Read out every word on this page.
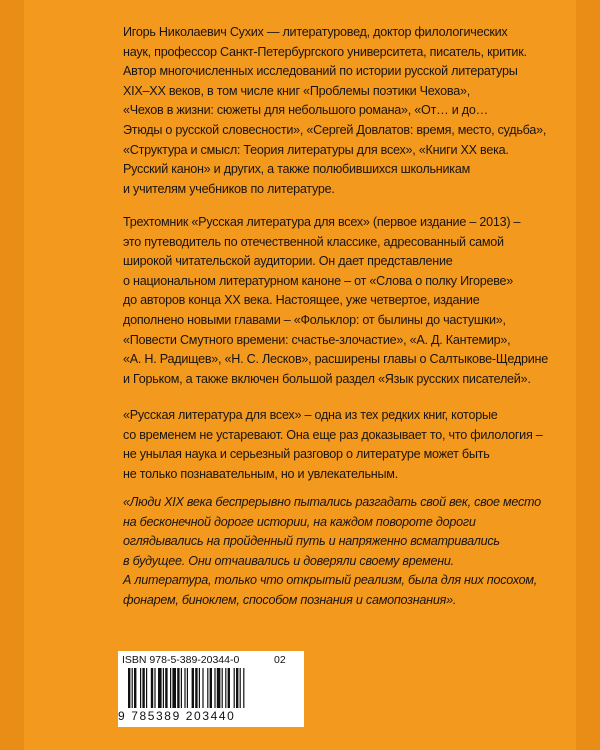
Игорь Николаевич Сухих — литературовед, доктор филологических
наук, профессор Санкт-Петербургского университета, писатель, критик.
Автор многочисленных исследований по истории русской литературы
XIX–XX веков, в том числе книг «Проблемы поэтики Чехова»,
«Чехов в жизни: сюжеты для небольшого романа», «От… и до…
Этюды о русской словесности», «Сергей Довлатов: время, место, судьба»,
«Структура и смысл: Теория литературы для всех», «Книги XX века.
Русский канон» и других, а также полюбившихся школьникам
и учителям учебников по литературе.
Трехтомник «Русская литература для всех» (первое издание – 2013) –
это путеводитель по отечественной классике, адресованный самой
широкой читательской аудитории. Он дает представление
о национальном литературном каноне – от «Слова о полку Игореве»
до авторов конца XX века. Настоящее, уже четвертое, издание
дополнено новыми главами – «Фольклор: от былины до частушки»,
«Повести Смутного времени: счастье-злочастие», «А. Д. Кантемир»,
«А. Н. Радищев», «Н. С. Лесков», расширены главы о Салтыкове-Щедрине
и Горьком, а также включен большой раздел «Язык русских писателей».
«Русская литература для всех» – одна из тех редких книг, которые
со временем не устаревают. Она еще раз доказывает то, что филология –
не унылая наука и серьезный разговор о литературе может быть
не только познавательным, но и увлекательным.
«Люди XIX века беспрерывно пытались разгадать свой век, свое место
на бесконечной дороге истории, на каждом повороте дороги
оглядывались на пройденный путь и напряженно всматривались
в будущее. Они отчаивались и доверяли своему времени.
А литература, только что открытый реализм, была для них посохом,
фонарем, биноклем, способом познания и самопознания».
ISBN 978-5-389-20344-0	02
9 785389 203440
